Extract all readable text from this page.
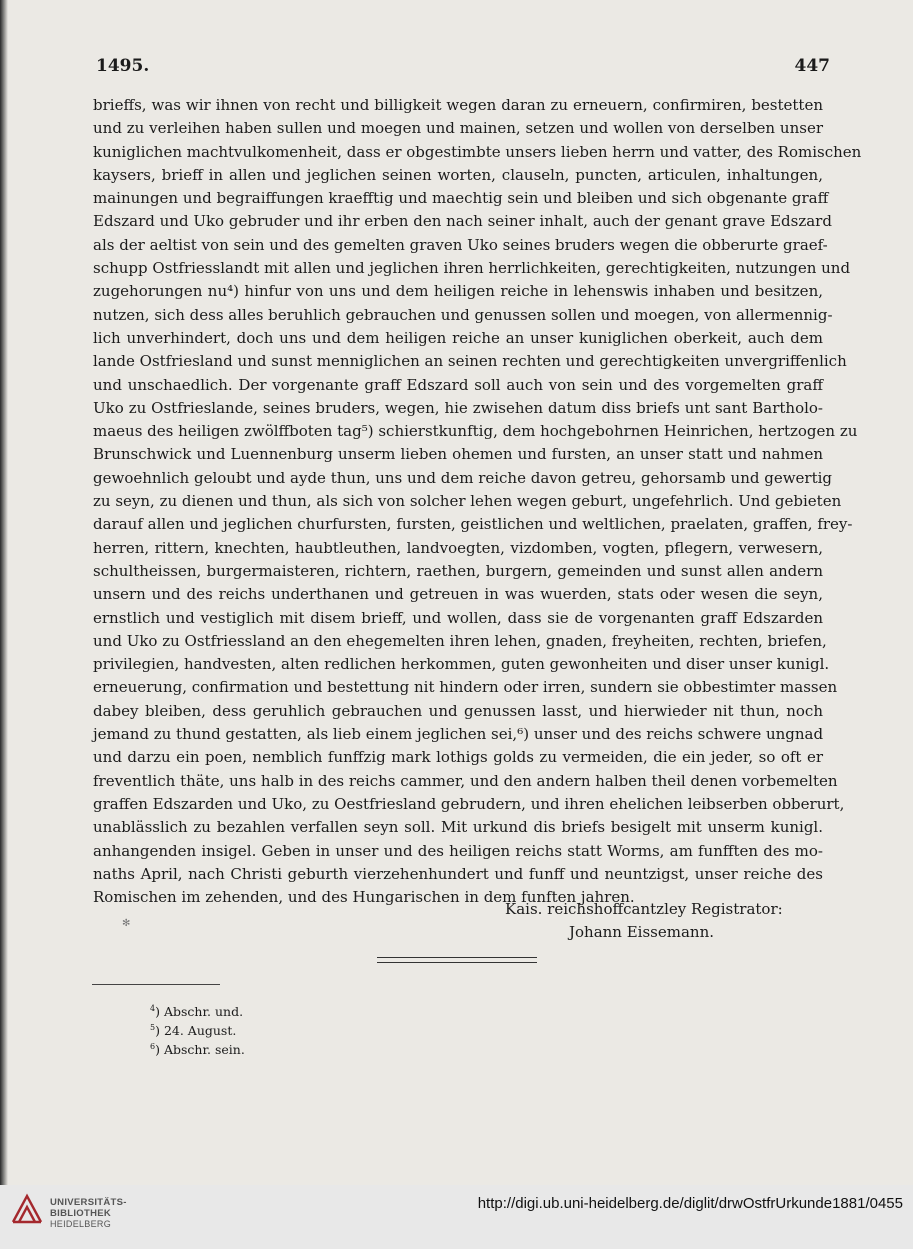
1495.	447
brieffs, was wir ihnen von recht und billigkeit wegen daran zu erneuern, confirmiren, bestetten
und zu verleihen haben sullen und moegen und mainen, setzen und wollen von derselben unser
kuniglichen machtvulkomenheit, dass er obgestimbte unsers lieben herrn und vatter, des Romischen
kaysers, brieff in allen und jeglichen seinen worten, clauseln, puncten, articulen, inhaltungen,
mainungen und begraiffungen kraefftig und maechtig sein und bleiben und sich obgenante graff
Edszard und Uko gebruder und ihr erben den nach seiner inhalt, auch der genant grave Edszard
als der aeltist von sein und des gemelten graven Uko seines bruders wegen die obberurte graef-
schupp Ostfriesslandt mit allen und jeglichen ihren herrlichkeiten, gerechtigkeiten, nutzungen und
zugehorungen nu⁴) hinfur von uns und dem heiligen reiche in lehenswis inhaben und besitzen,
nutzen, sich dess alles beruhlich gebrauchen und genussen sollen und moegen, von allermennig-
lich unverhindert, doch uns und dem heiligen reiche an unser kuniglichen oberkeit, auch dem
lande Ostfriesland und sunst menniglichen an seinen rechten und gerechtigkeiten unvergriffenlich
und unschaedlich. Der vorgenante graff Edszard soll auch von sein und des vorgemelten graff
Uko zu Ostfrieslande, seines bruders, wegen, hie zwisehen datum diss briefs unt sant Bartholo-
maeus des heiligen zwölffboten tag⁵) schierstkunftig, dem hochgebohrnen Heinrichen, hertzogen zu
Brunschwick und Luennenburg unserm lieben ohemen und fursten, an unser statt und nahmen
gewoehnlich geloubt und ayde thun, uns und dem reiche davon getreu, gehorsamb und gewertig
zu seyn, zu dienen und thun, als sich von solcher lehen wegen geburt, ungefehrlich. Und gebieten
darauf allen und jeglichen churfursten, fursten, geistlichen und weltlichen, praelaten, graffen, frey-
herren, rittern, knechten, haubtleuthen, landvoegten, vizdomben, vogten, pflegern, verwesern,
schultheissen, burgermaisteren, richtern, raethen, burgern, gemeinden und sunst allen andern
unsern und des reichs underthanen und getreuen in was wuerden, stats oder wesen die seyn,
ernstlich und vestiglich mit disem brieff, und wollen, dass sie de vorgenanten graff Edszarden
und Uko zu Ostfriessland an den ehegemelten ihren lehen, gnaden, freyheiten, rechten, briefen,
privilegien, handvesten, alten redlichen herkommen, guten gewonheiten und diser unser kunigl.
erneuerung, confirmation und bestettung nit hindern oder irren, sundern sie obbestimter massen
dabey bleiben, dess geruhlich gebrauchen und genussen lasst, und hierwieder nit thun, noch
jemand zu thund gestatten, als lieb einem jeglichen sei,⁶) unser und des reichs schwere ungnad
und darzu ein poen, nemblich funffzig mark lothigs golds zu vermeiden, die ein jeder, so oft er
freventlich thäte, uns halb in des reichs cammer, und den andern halben theil denen vorbemelten
graffen Edszarden und Uko, zu Oestfriesland gebrudern, und ihren ehelichen leibserben obberurt,
unablässlich zu bezahlen verfallen seyn soll. Mit urkund dis briefs besigelt mit unserm kunigl.
anhangenden insigel. Geben in unser und des heiligen reichs statt Worms, am funfften des mo-
naths April, nach Christi geburth vierzehenhundert und funff und neuntzigst, unser reiche des
Romischen im zehenden, und des Hungarischen in dem funften jahren.
Kais. reichshoffcantzley Registrator:
Johann Eissemann.
✻
$^4$) Abschr. und.
$^5$) 24. August.
$^6$) Abschr. sein.
UNIVERSITÄTS-
BIBLIOTHEK
HEIDELBERG
http://digi.ub.uni-heidelberg.de/diglit/drwOstfrUrkunde1881/0455
